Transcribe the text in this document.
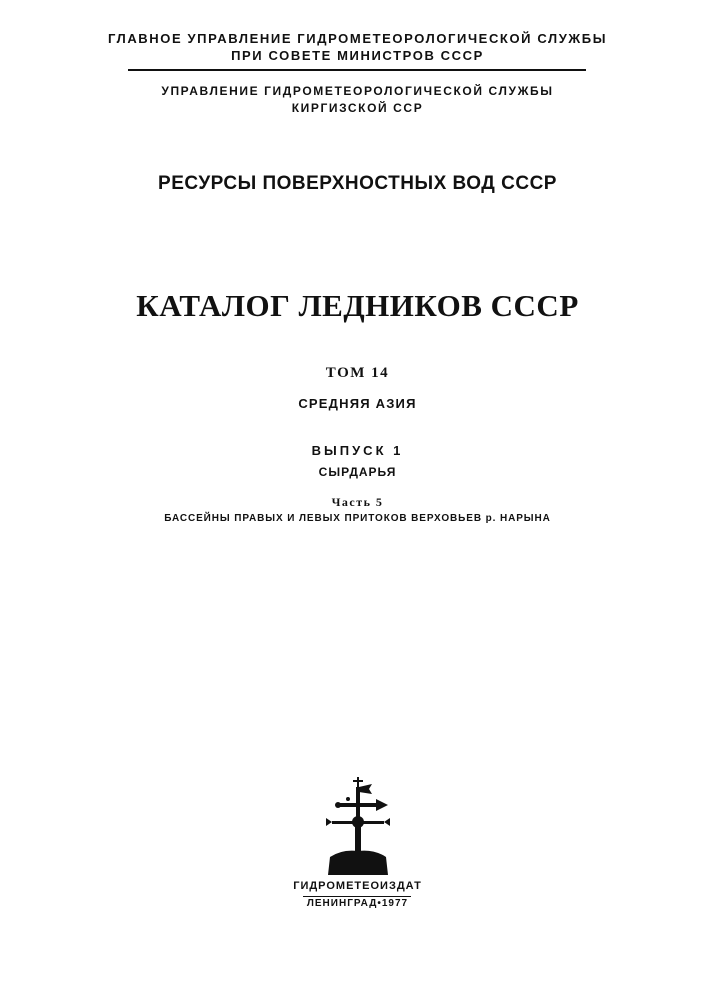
ГЛАВНОЕ УПРАВЛЕНИЕ ГИДРОМЕТЕОРОЛОГИЧЕСКОЙ СЛУЖБЫ
ПРИ СОВЕТЕ МИНИСТРОВ СССР
УПРАВЛЕНИЕ ГИДРОМЕТЕОРОЛОГИЧЕСКОЙ СЛУЖБЫ
КИРГИЗСКОЙ ССР
РЕСУРСЫ ПОВЕРХНОСТНЫХ ВОД СССР
КАТАЛОГ ЛЕДНИКОВ СССР
ТОМ 14
СРЕДНЯЯ АЗИЯ
ВЫПУСК 1
СЫРДАРЬЯ
Часть 5
БАССЕЙНЫ ПРАВЫХ И ЛЕВЫХ ПРИТОКОВ ВЕРХОВЬЕВ р. НАРЫНА
ГИДРОМЕТЕОИЗДАТ
ЛЕНИНГРАД•1977
